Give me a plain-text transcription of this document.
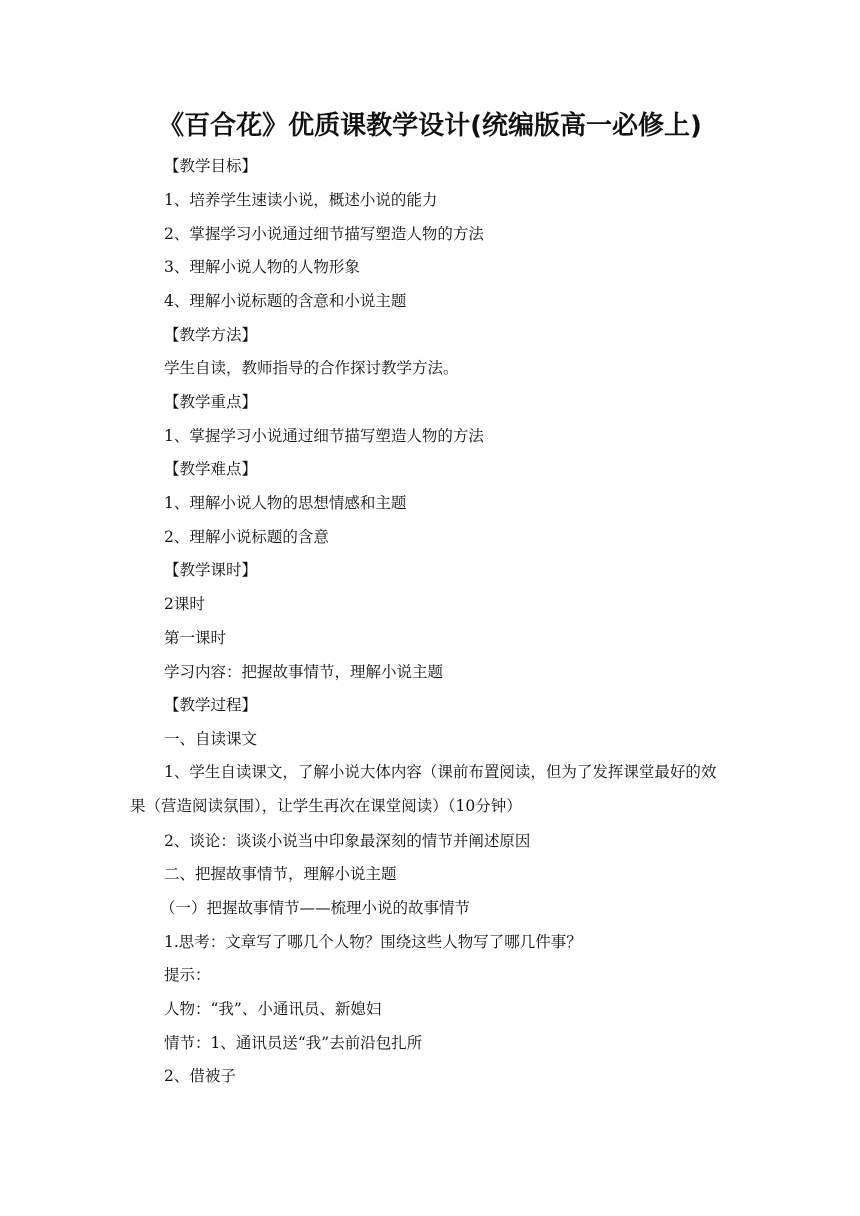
《百合花》优质课教学设计(统编版高一必修上)

【教学目标】

1、培养学生速读小说，概述小说的能力

2、掌握学习小说通过细节描写塑造人物的方法

3、理解小说人物的人物形象

4、理解小说标题的含意和小说主题

【教学方法】

学生自读，教师指导的合作探讨教学方法。

【教学重点】

1、掌握学习小说通过细节描写塑造人物的方法

【教学难点】

1、理解小说人物的思想情感和主题

2、理解小说标题的含意

【教学课时】

2课时

第一课时

学习内容：把握故事情节，理解小说主题

【教学过程】

一、自读课文

1、学生自读课文，了解小说大体内容（课前布置阅读，但为了发挥课堂最好的效果（营造阅读氛围），让学生再次在课堂阅读）（10分钟）

2、谈论：谈谈小说当中印象最深刻的情节并阐述原因

二、把握故事情节，理解小说主题

（一）把握故事情节——梳理小说的故事情节

1.思考：文章写了哪几个人物？围绕这些人物写了哪几件事？

提示：

人物：“我”、小通讯员、新媳妇

情节：1、通讯员送“我”去前沿包扎所

2、借被子
